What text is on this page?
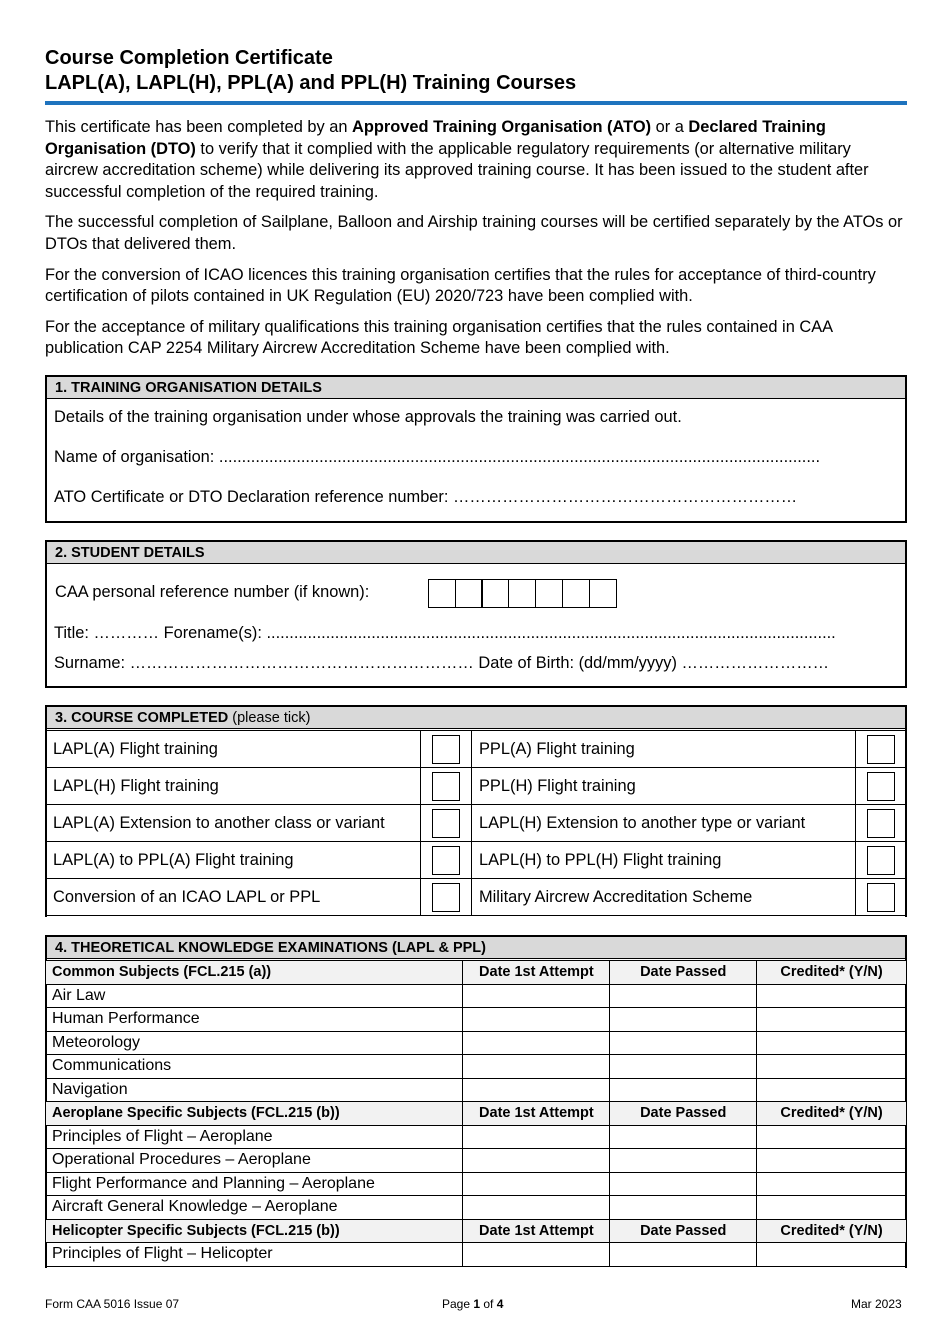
Course Completion Certificate
LAPL(A), LAPL(H), PPL(A) and PPL(H) Training Courses

This certificate has been completed by an Approved Training Organisation (ATO) or a Declared Training Organisation (DTO) to verify that it complied with the applicable regulatory requirements (or alternative military aircrew accreditation scheme) while delivering its approved training course. It has been issued to the student after successful completion of the required training.

The successful completion of Sailplane, Balloon and Airship training courses will be certified separately by the ATOs or DTOs that delivered them.

For the conversion of ICAO licences this training organisation certifies that the rules for acceptance of third-country certification of pilots contained in UK Regulation (EU) 2020/723 have been complied with.

For the acceptance of military qualifications this training organisation certifies that the rules contained in CAA publication CAP 2254 Military Aircrew Accreditation Scheme have been complied with.

1. TRAINING ORGANISATION DETAILS
Details of the training organisation under whose approvals the training was carried out.
Name of organisation: ....................................................................................................................................
ATO Certificate or DTO Declaration reference number: ………………………………………………………
2. STUDENT DETAILS
CAA personal reference number (if known):
Title: ………… Forename(s): .............................................................................................................................
Surname: ……………………………………………………… Date of Birth: (dd/mm/yyyy) ………………………
3. COURSE COMPLETED (please tick)
LAPL(A) Flight training		PPL(A) Flight training	
LAPL(H) Flight training		PPL(H) Flight training	
LAPL(A) Extension to another class or variant		LAPL(H) Extension to another type or variant	
LAPL(A) to PPL(A) Flight training		LAPL(H) to PPL(H) Flight training	
Conversion of an ICAO LAPL or PPL		Military Aircrew Accreditation Scheme	
4. THEORETICAL KNOWLEDGE EXAMINATIONS (LAPL & PPL)
Common Subjects (FCL.215 (a))	Date 1st Attempt	Date Passed	Credited* (Y/N)
Air Law			
Human Performance			
Meteorology			
Communications			
Navigation			
Aeroplane Specific Subjects (FCL.215 (b))	Date 1st Attempt	Date Passed	Credited* (Y/N)
Principles of Flight – Aeroplane			
Operational Procedures – Aeroplane			
Flight Performance and Planning – Aeroplane			
Aircraft General Knowledge – Aeroplane			
Helicopter Specific Subjects (FCL.215 (b))	Date 1st Attempt	Date Passed	Credited* (Y/N)
Principles of Flight – Helicopter			
Form CAA 5016 Issue 07	Page 1 of 4	Mar 2023
